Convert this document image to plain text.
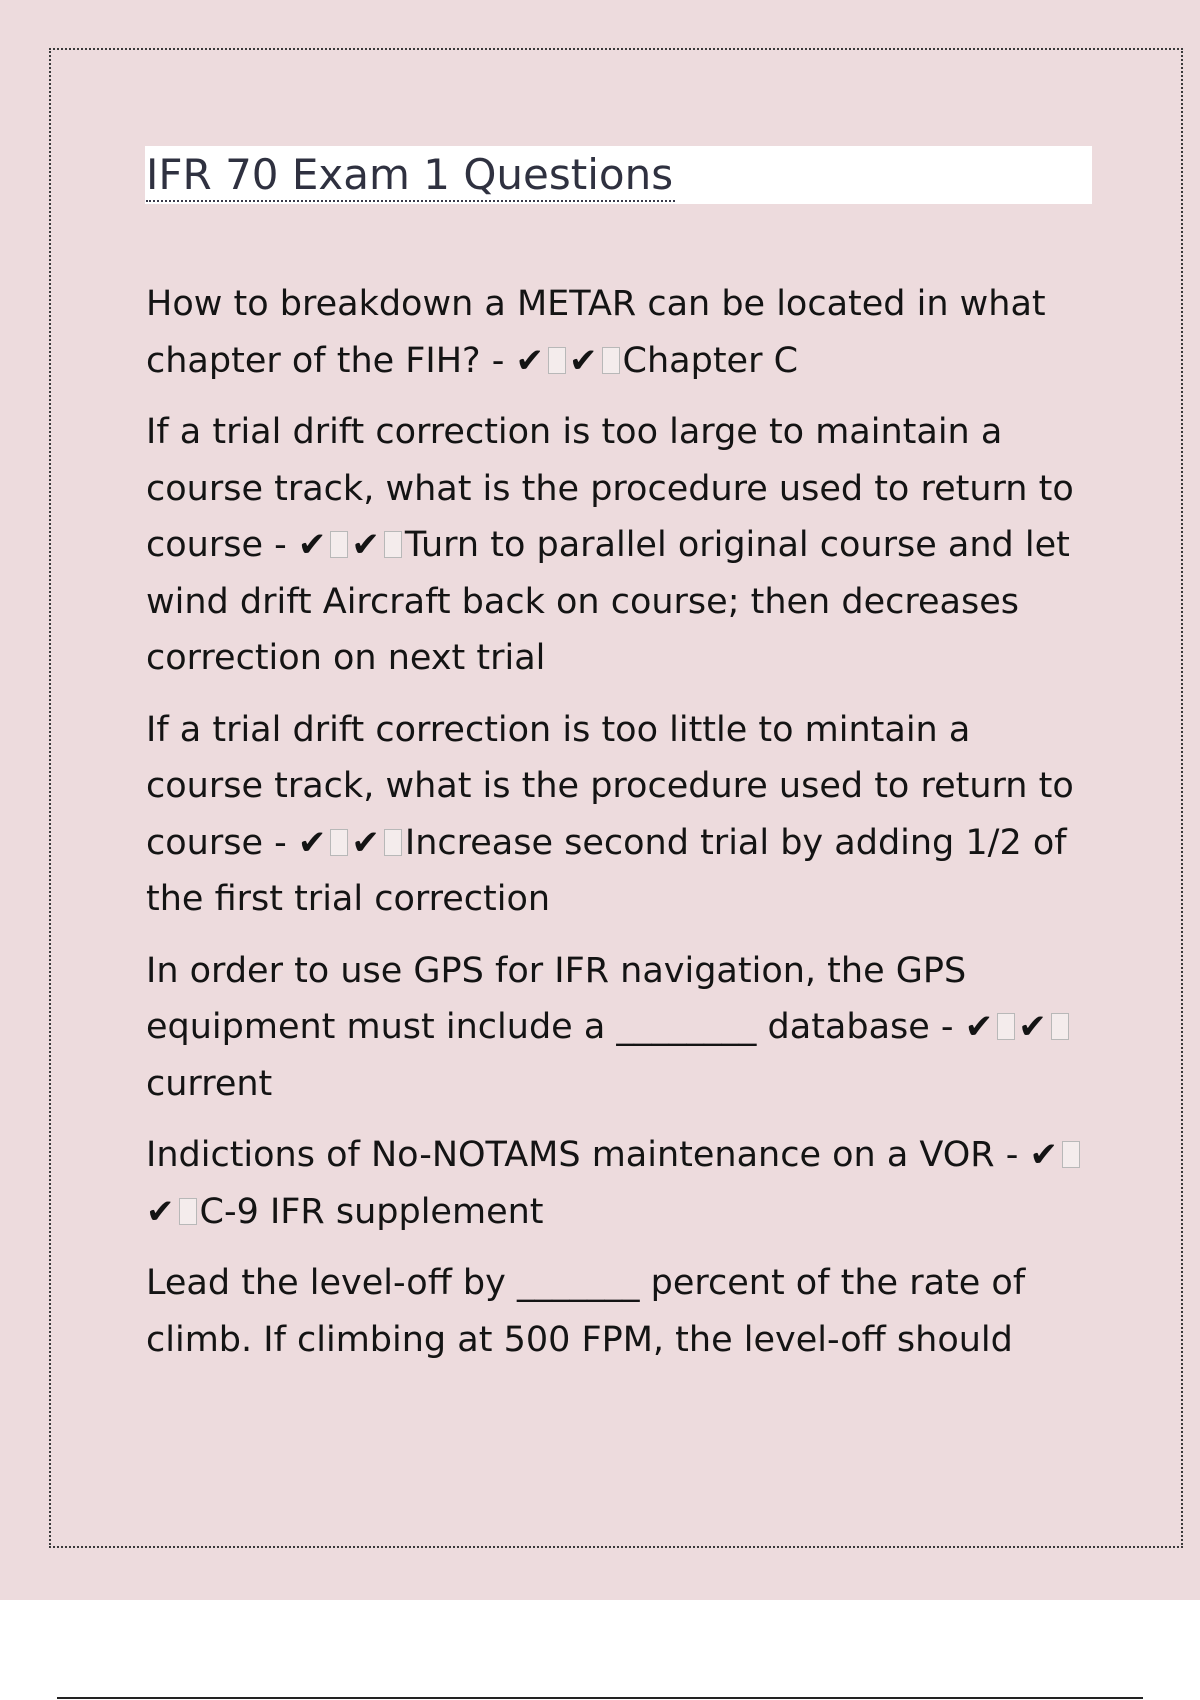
IFR 70 Exam 1 Questions

How to breakdown a METAR can be located in what chapter of the FIH? - ✔ ✔ Chapter C

If a trial drift correction is too large to maintain a course track, what is the procedure used to return to course - ✔ ✔ Turn to parallel original course and let wind drift Aircraft back on course; then decreases correction on next trial

If a trial drift correction is too little to mintain a course track, what is the procedure used to return to course - ✔ ✔ Increase second trial by adding 1/2 of the first trial correction

In order to use GPS for IFR navigation, the GPS equipment must include a ________ database - ✔ ✔current

Indictions of No-NOTAMS maintenance on a VOR - ✔✔ C-9 IFR supplement

Lead the level-off by _______ percent of the rate of climb. If climbing at 500 FPM, the level-off should
